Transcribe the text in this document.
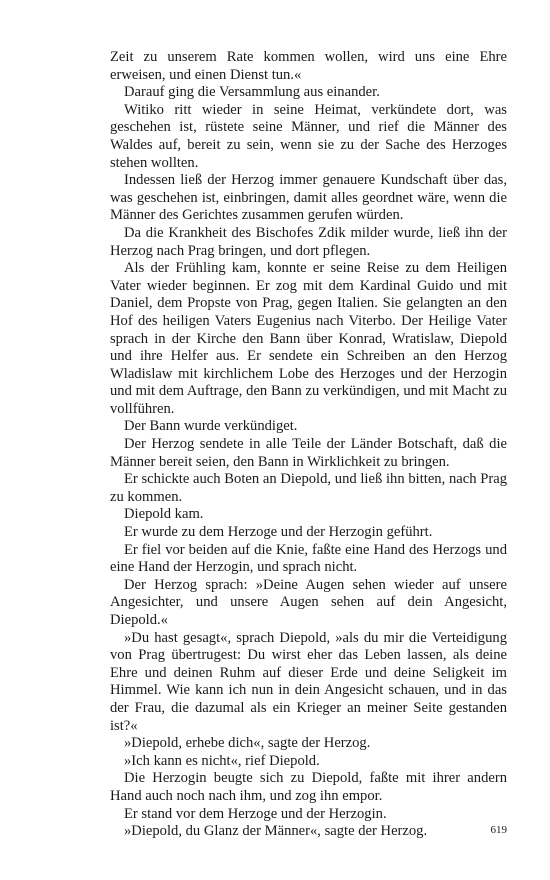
Zeit zu unserem Rate kommen wollen, wird uns eine Ehre erweisen, und einen Dienst tun.«

Darauf ging die Versammlung aus einander.

Witiko ritt wieder in seine Heimat, verkündete dort, was geschehen ist, rüstete seine Männer, und rief die Männer des Waldes auf, bereit zu sein, wenn sie zu der Sache des Herzoges stehen wollten.

Indessen ließ der Herzog immer genauere Kundschaft über das, was geschehen ist, einbringen, damit alles geordnet wäre, wenn die Männer des Gerichtes zusammen gerufen würden.

Da die Krankheit des Bischofes Zdik milder wurde, ließ ihn der Herzog nach Prag bringen, und dort pflegen.

Als der Frühling kam, konnte er seine Reise zu dem Heiligen Vater wieder beginnen. Er zog mit dem Kardinal Guido und mit Daniel, dem Propste von Prag, gegen Italien. Sie gelangten an den Hof des heiligen Vaters Eugenius nach Viterbo. Der Heilige Vater sprach in der Kirche den Bann über Konrad, Wratislaw, Diepold und ihre Helfer aus. Er sendete ein Schreiben an den Herzog Wladislaw mit kirchlichem Lobe des Herzoges und der Herzogin und mit dem Auftrage, den Bann zu verkündigen, und mit Macht zu vollführen.

Der Bann wurde verkündiget.

Der Herzog sendete in alle Teile der Länder Botschaft, daß die Männer bereit seien, den Bann in Wirklichkeit zu bringen.

Er schickte auch Boten an Diepold, und ließ ihn bitten, nach Prag zu kommen.

Diepold kam.

Er wurde zu dem Herzoge und der Herzogin geführt.

Er fiel vor beiden auf die Knie, faßte eine Hand des Herzogs und eine Hand der Herzogin, und sprach nicht.

Der Herzog sprach: »Deine Augen sehen wieder auf unsere Angesichter, und unsere Augen sehen auf dein Angesicht, Diepold.«

»Du hast gesagt«, sprach Diepold, »als du mir die Verteidigung von Prag übertrugest: Du wirst eher das Leben lassen, als deine Ehre und deinen Ruhm auf dieser Erde und deine Seligkeit im Himmel. Wie kann ich nun in dein Angesicht schauen, und in das der Frau, die dazumal als ein Krieger an meiner Seite gestanden ist?«

»Diepold, erhebe dich«, sagte der Herzog.

»Ich kann es nicht«, rief Diepold.

Die Herzogin beugte sich zu Diepold, faßte mit ihrer andern Hand auch noch nach ihm, und zog ihn empor.

Er stand vor dem Herzoge und der Herzogin.

»Diepold, du Glanz der Männer«, sagte der Herzog.	619
